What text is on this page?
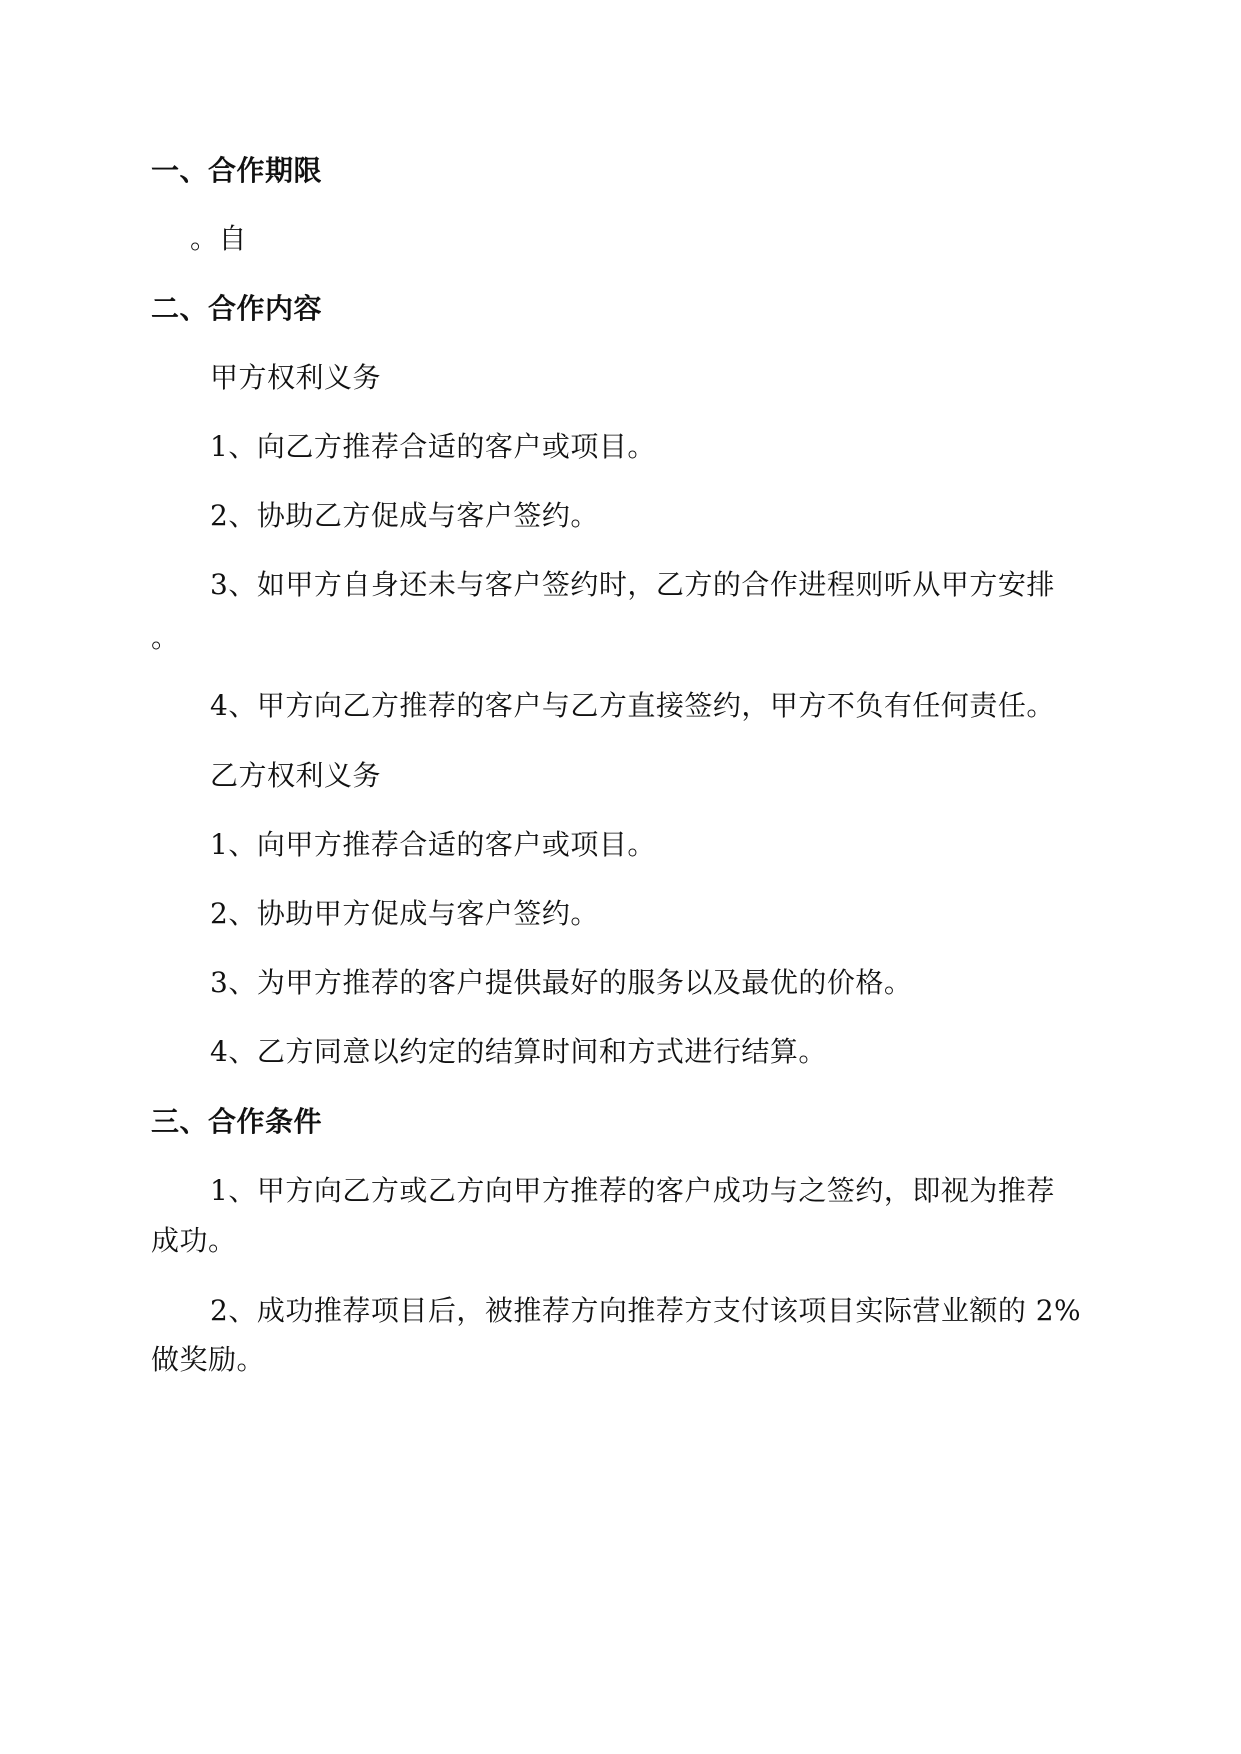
一、合作期限
。自
二、合作内容
甲方权利义务
1、向乙方推荐合适的客户或项目。
2、协助乙方促成与客户签约。
3、如甲方自身还未与客户签约时，乙方的合作进程则听从甲方安排
。
4、甲方向乙方推荐的客户与乙方直接签约，甲方不负有任何责任。
乙方权利义务
1、向甲方推荐合适的客户或项目。
2、协助甲方促成与客户签约。
3、为甲方推荐的客户提供最好的服务以及最优的价格。
4、乙方同意以约定的结算时间和方式进行结算。
三、合作条件
1、甲方向乙方或乙方向甲方推荐的客户成功与之签约，即视为推荐
成功。
2、成功推荐项目后，被推荐方向推荐方支付该项目实际营业额的 2%
做奖励。
